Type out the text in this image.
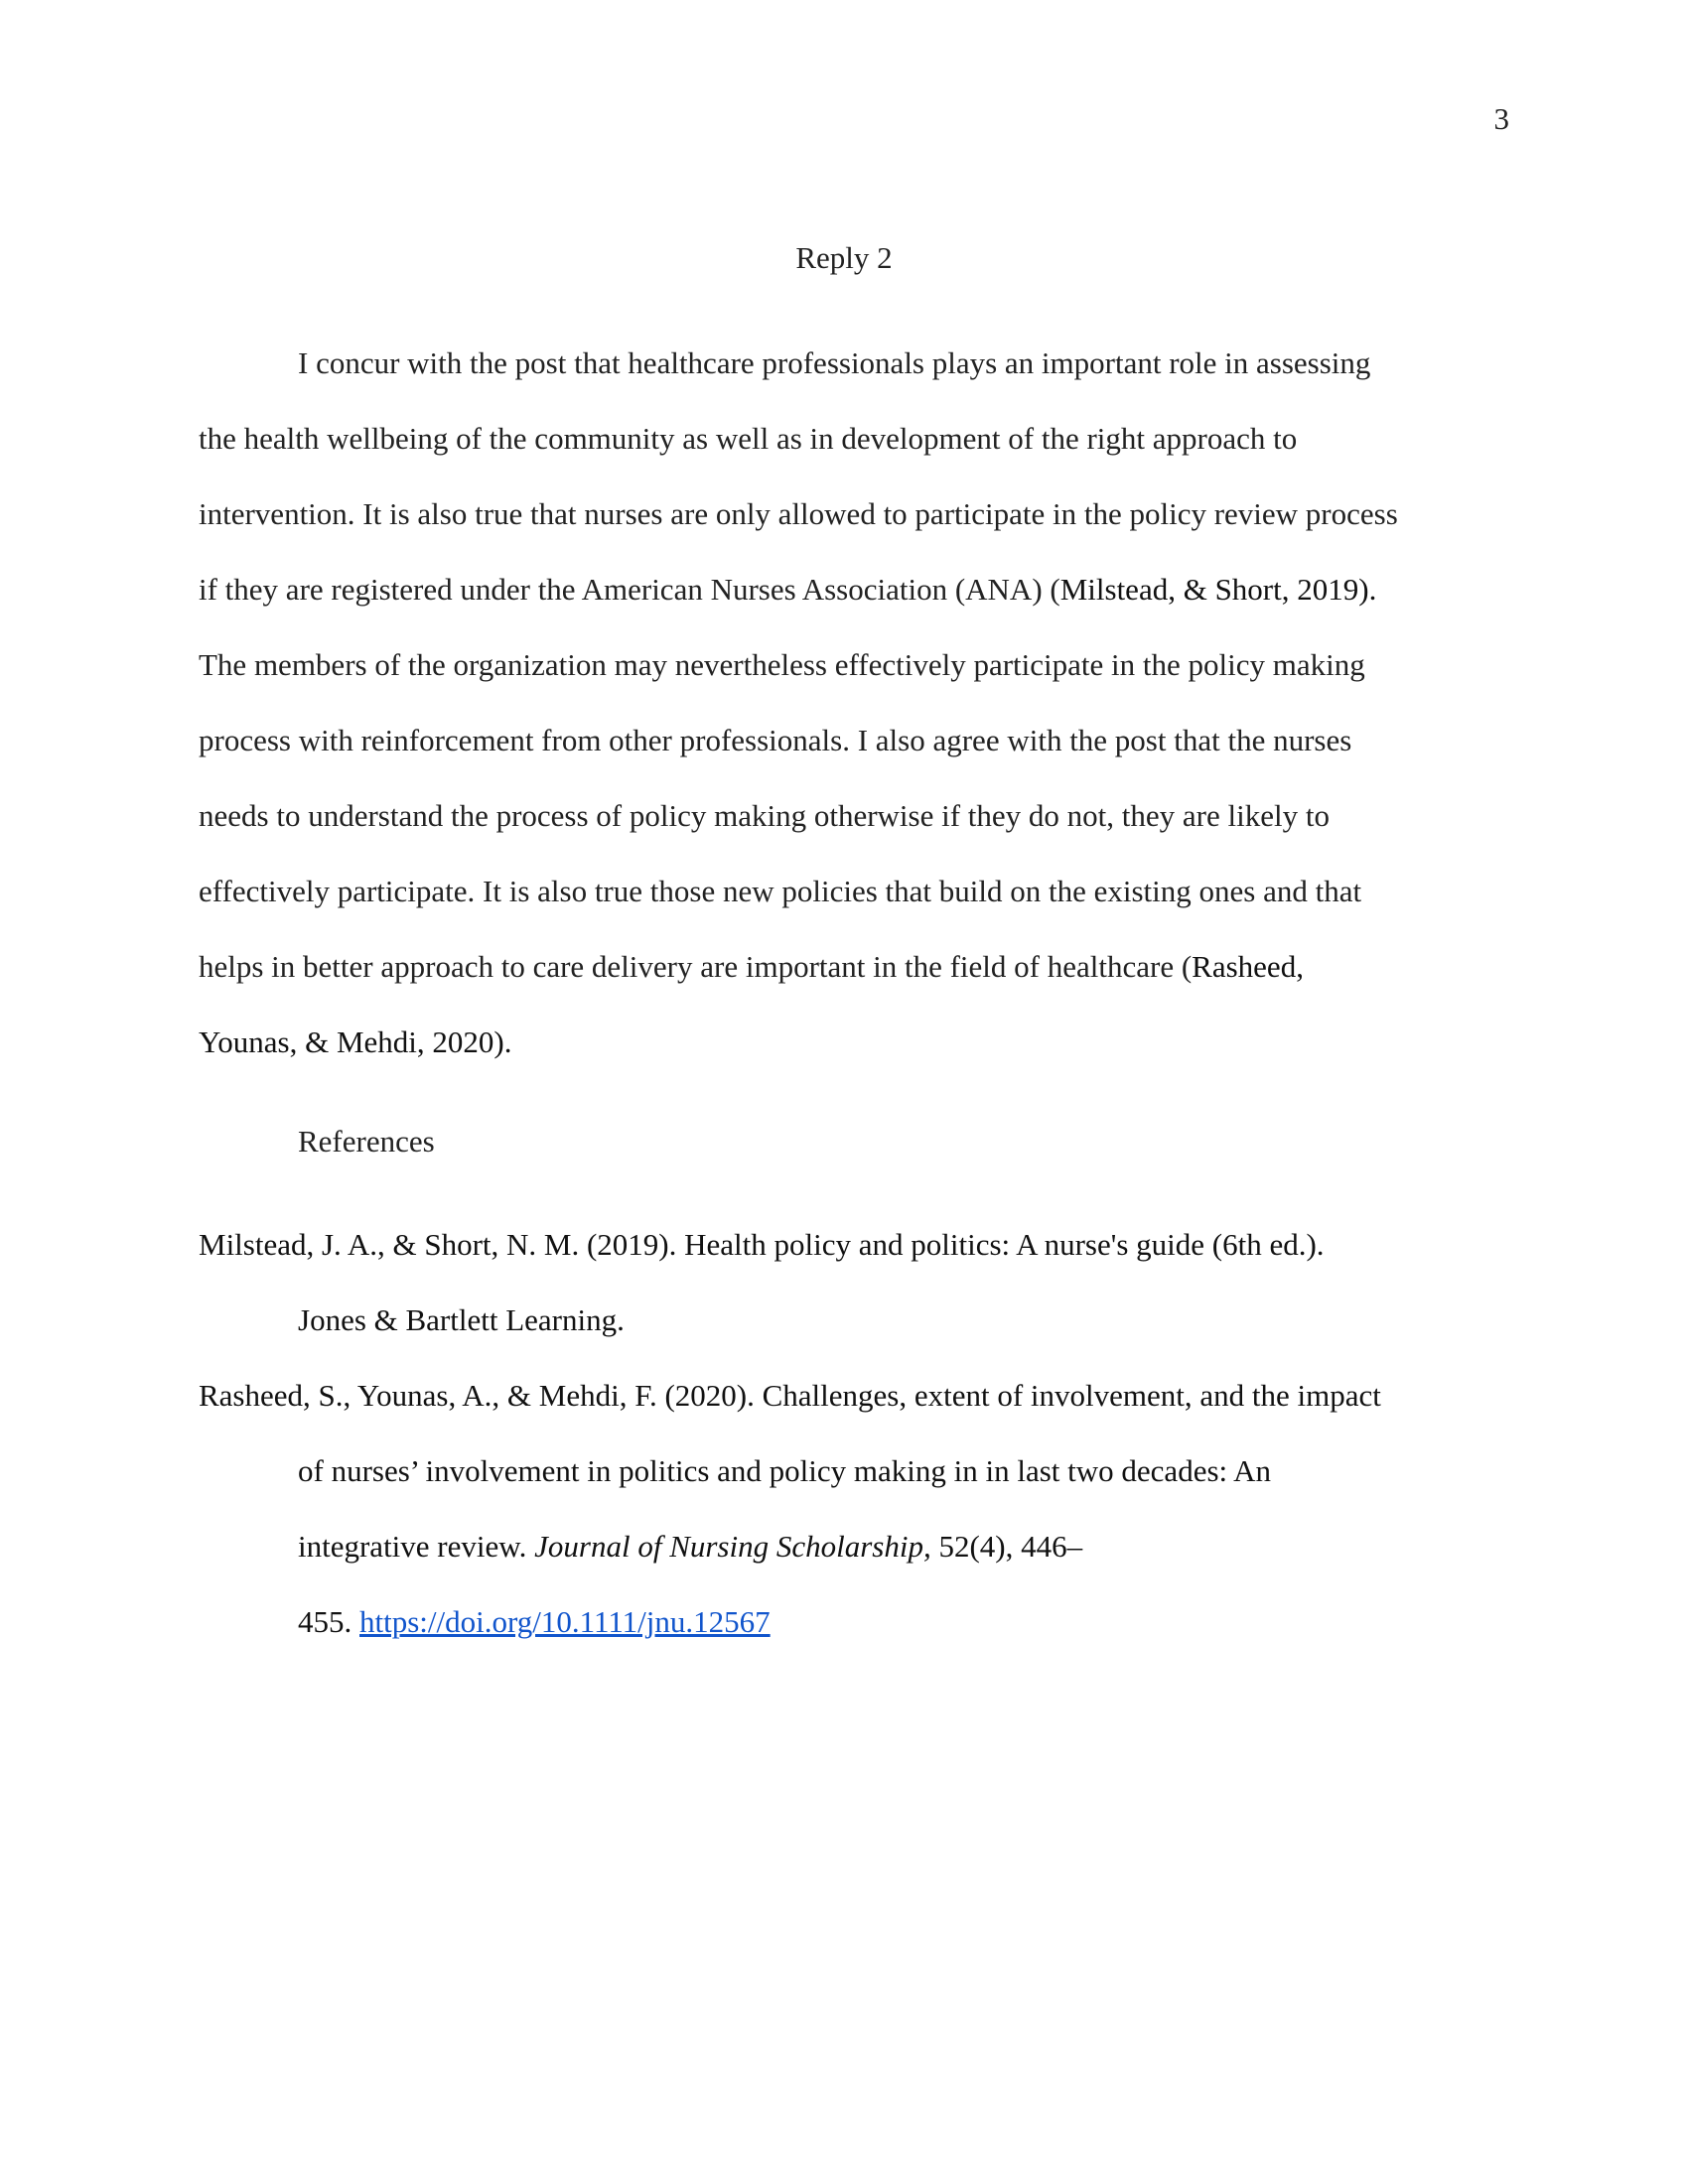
3
Reply 2
I concur with the post that healthcare professionals plays an important role in assessing
the health wellbeing of the community as well as in development of the right approach to
intervention. It is also true that nurses are only allowed to participate in the policy review process
if they are registered under the American Nurses Association (ANA) (Milstead, & Short, 2019).
The members of the organization may nevertheless effectively participate in the policy making
process with reinforcement from other professionals. I also agree with the post that the nurses
needs to understand the process of policy making otherwise if they do not, they are likely to
effectively participate. It is also true those new policies that build on the existing ones and that
helps in better approach to care delivery are important in the field of healthcare (Rasheed,
Younas, & Mehdi, 2020).
References
Milstead, J. A., & Short, N. M. (2019). Health policy and politics: A nurse's guide (6th ed.).
Jones & Bartlett Learning.
Rasheed, S., Younas, A., & Mehdi, F. (2020). Challenges, extent of involvement, and the impact
of nurses’ involvement in politics and policy making in in last two decades: An
integrative review. Journal of Nursing Scholarship, 52(4), 446–
455. https://doi.org/10.1111/jnu.12567
